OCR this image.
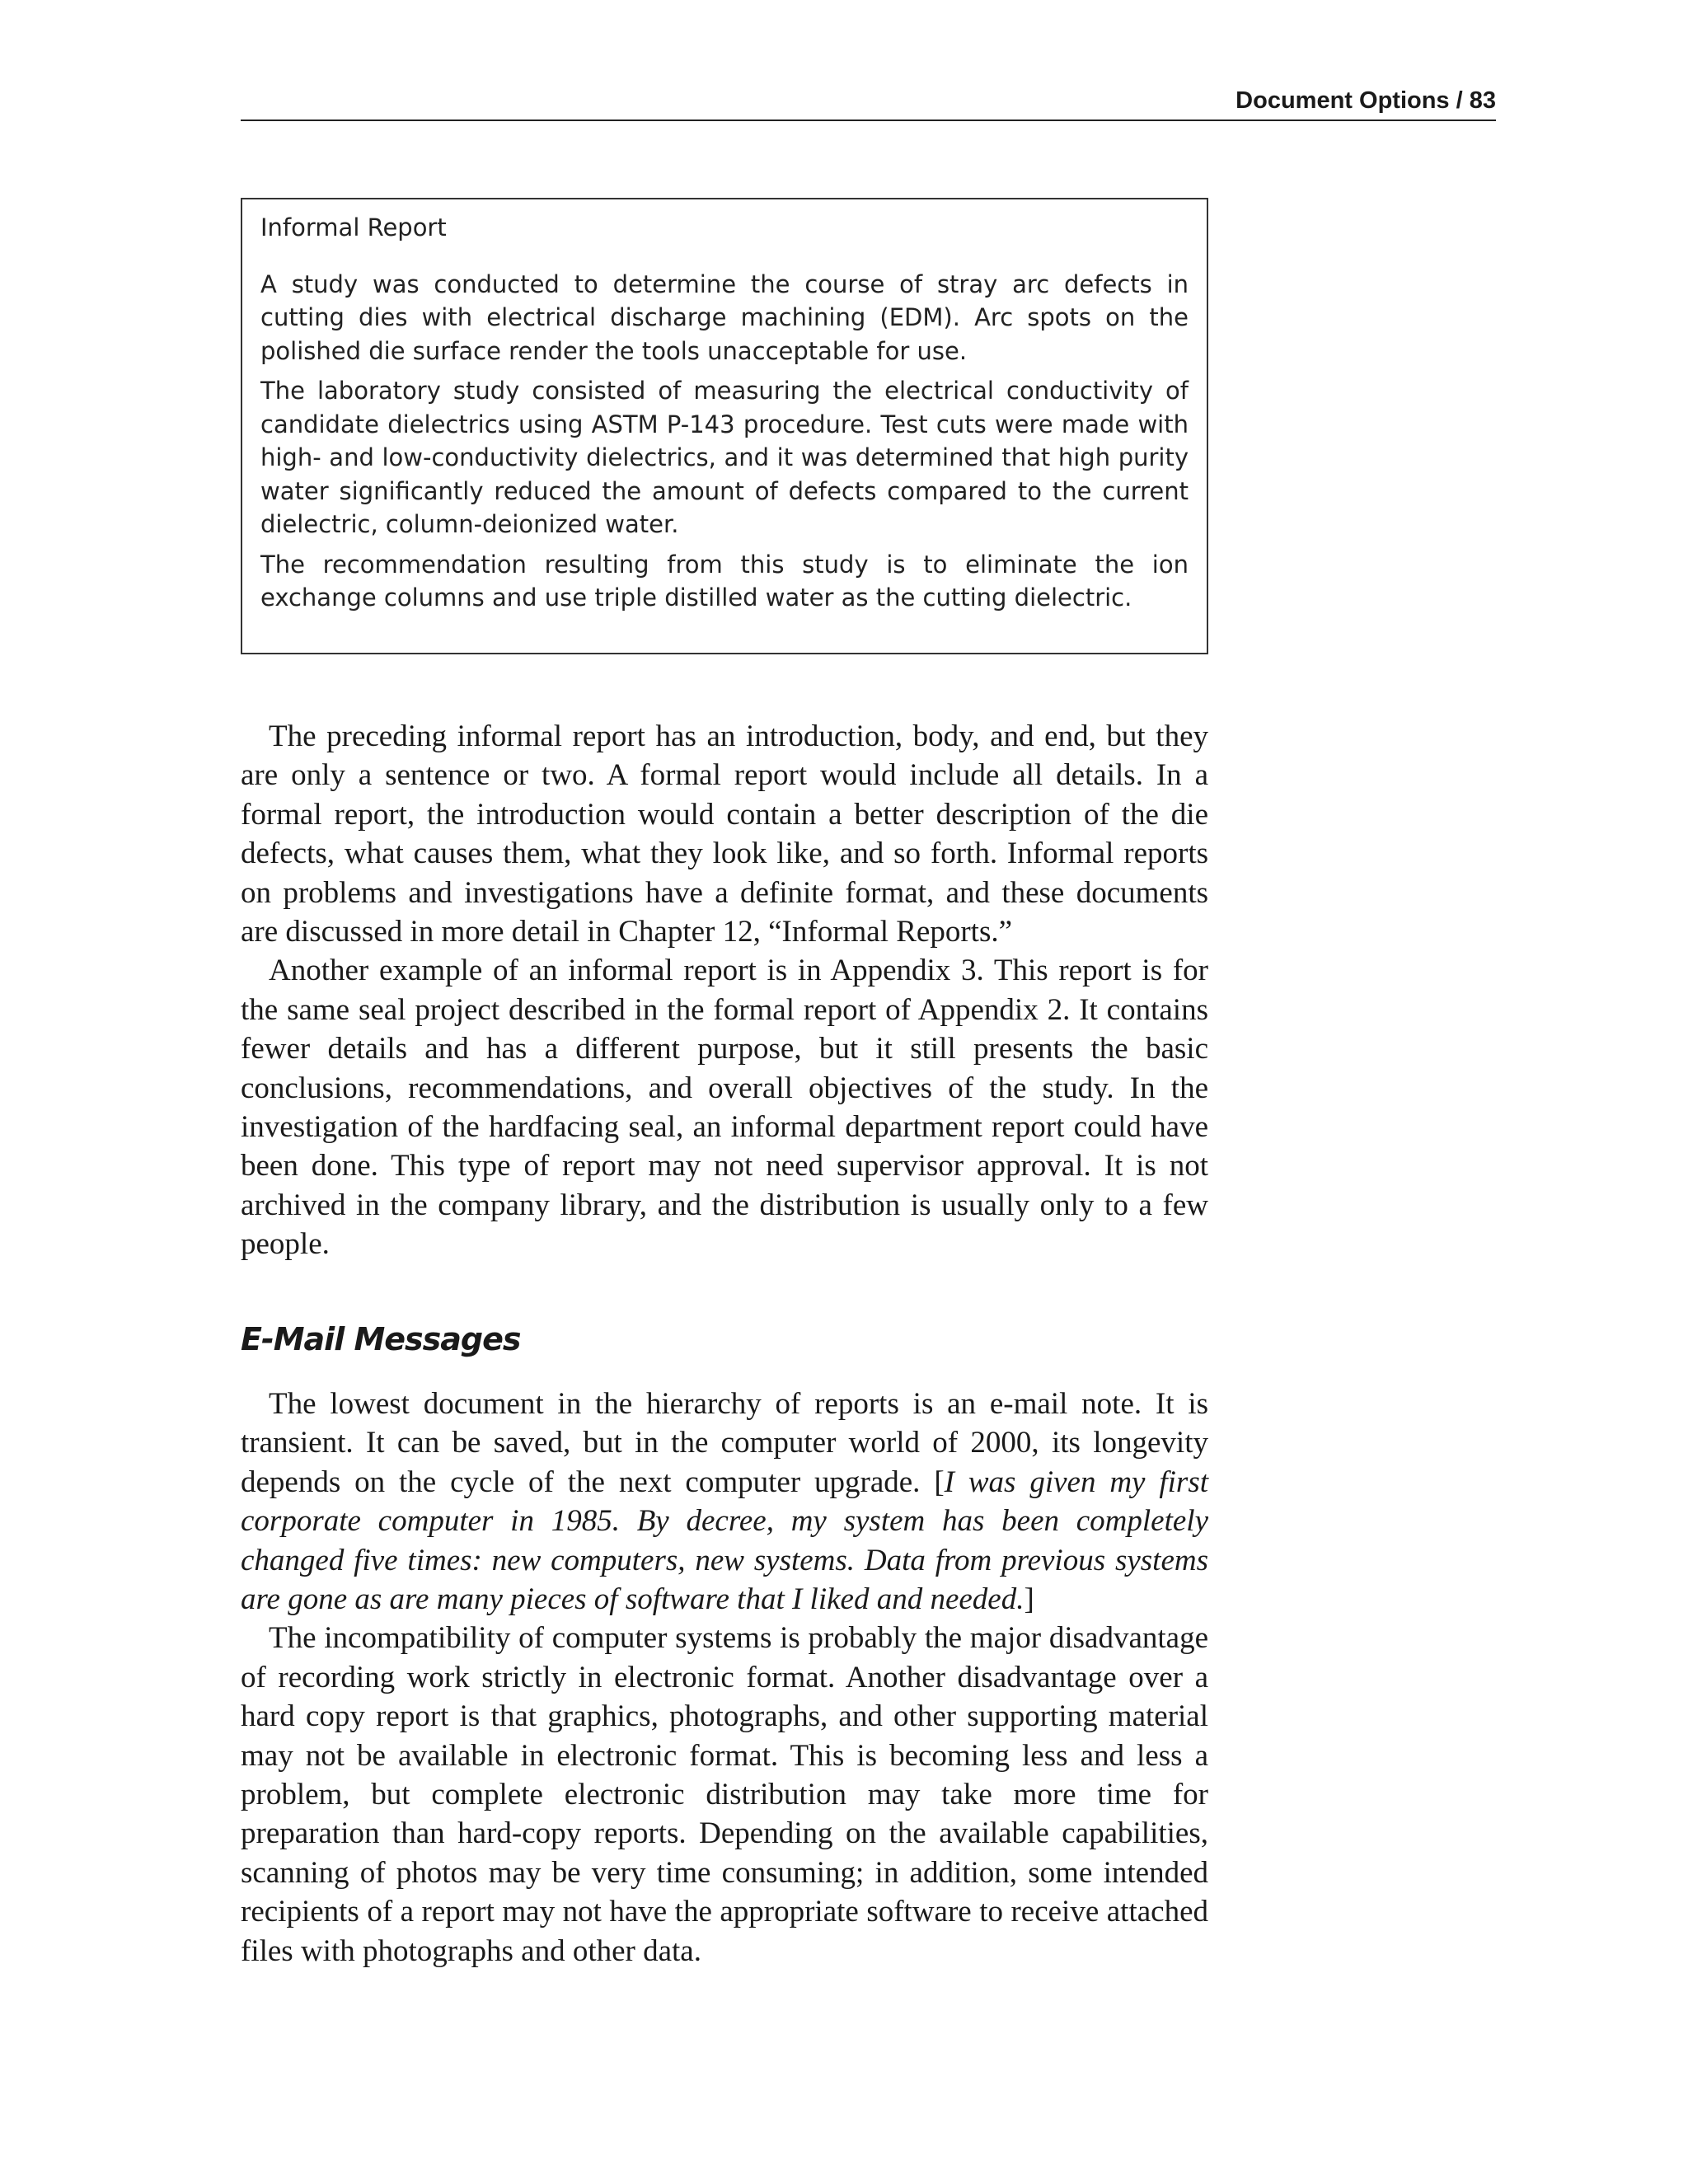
Document Options / 83

Informal Report

A study was conducted to determine the course of stray arc defects in cutting dies with electrical discharge machining (EDM). Arc spots on the polished die surface render the tools unacceptable for use.

The laboratory study consisted of measuring the electrical conductivity of candidate dielectrics using ASTM P-143 procedure. Test cuts were made with high- and low-conductivity dielectrics, and it was determined that high purity water significantly reduced the amount of defects compared to the current dielectric, column-deionized water.

The recommendation resulting from this study is to eliminate the ion exchange columns and use triple distilled water as the cutting dielectric.

The preceding informal report has an introduction, body, and end, but they are only a sentence or two. A formal report would include all details. In a formal report, the introduction would contain a better description of the die defects, what causes them, what they look like, and so forth. Informal reports on problems and investigations have a definite format, and these documents are discussed in more detail in Chapter 12, “Informal Reports.”

Another example of an informal report is in Appendix 3. This report is for the same seal project described in the formal report of Appendix 2. It contains fewer details and has a different purpose, but it still presents the basic conclusions, recommendations, and overall objectives of the study. In the investigation of the hardfacing seal, an informal department report could have been done. This type of report may not need supervisor approval. It is not archived in the company library, and the distribution is usually only to a few people.

E-Mail Messages

The lowest document in the hierarchy of reports is an e-mail note. It is transient. It can be saved, but in the computer world of 2000, its longevity depends on the cycle of the next computer upgrade. [I was given my first corporate computer in 1985. By decree, my system has been completely changed five times: new computers, new systems. Data from previous systems are gone as are many pieces of software that I liked and needed.]

The incompatibility of computer systems is probably the major disadvantage of recording work strictly in electronic format. Another disadvantage over a hard copy report is that graphics, photographs, and other supporting material may not be available in electronic format. This is becoming less and less a problem, but complete electronic distribution may take more time for preparation than hard-copy reports. Depending on the available capabilities, scanning of photos may be very time consuming; in addition, some intended recipients of a report may not have the appropriate software to receive attached files with photographs and other data.
